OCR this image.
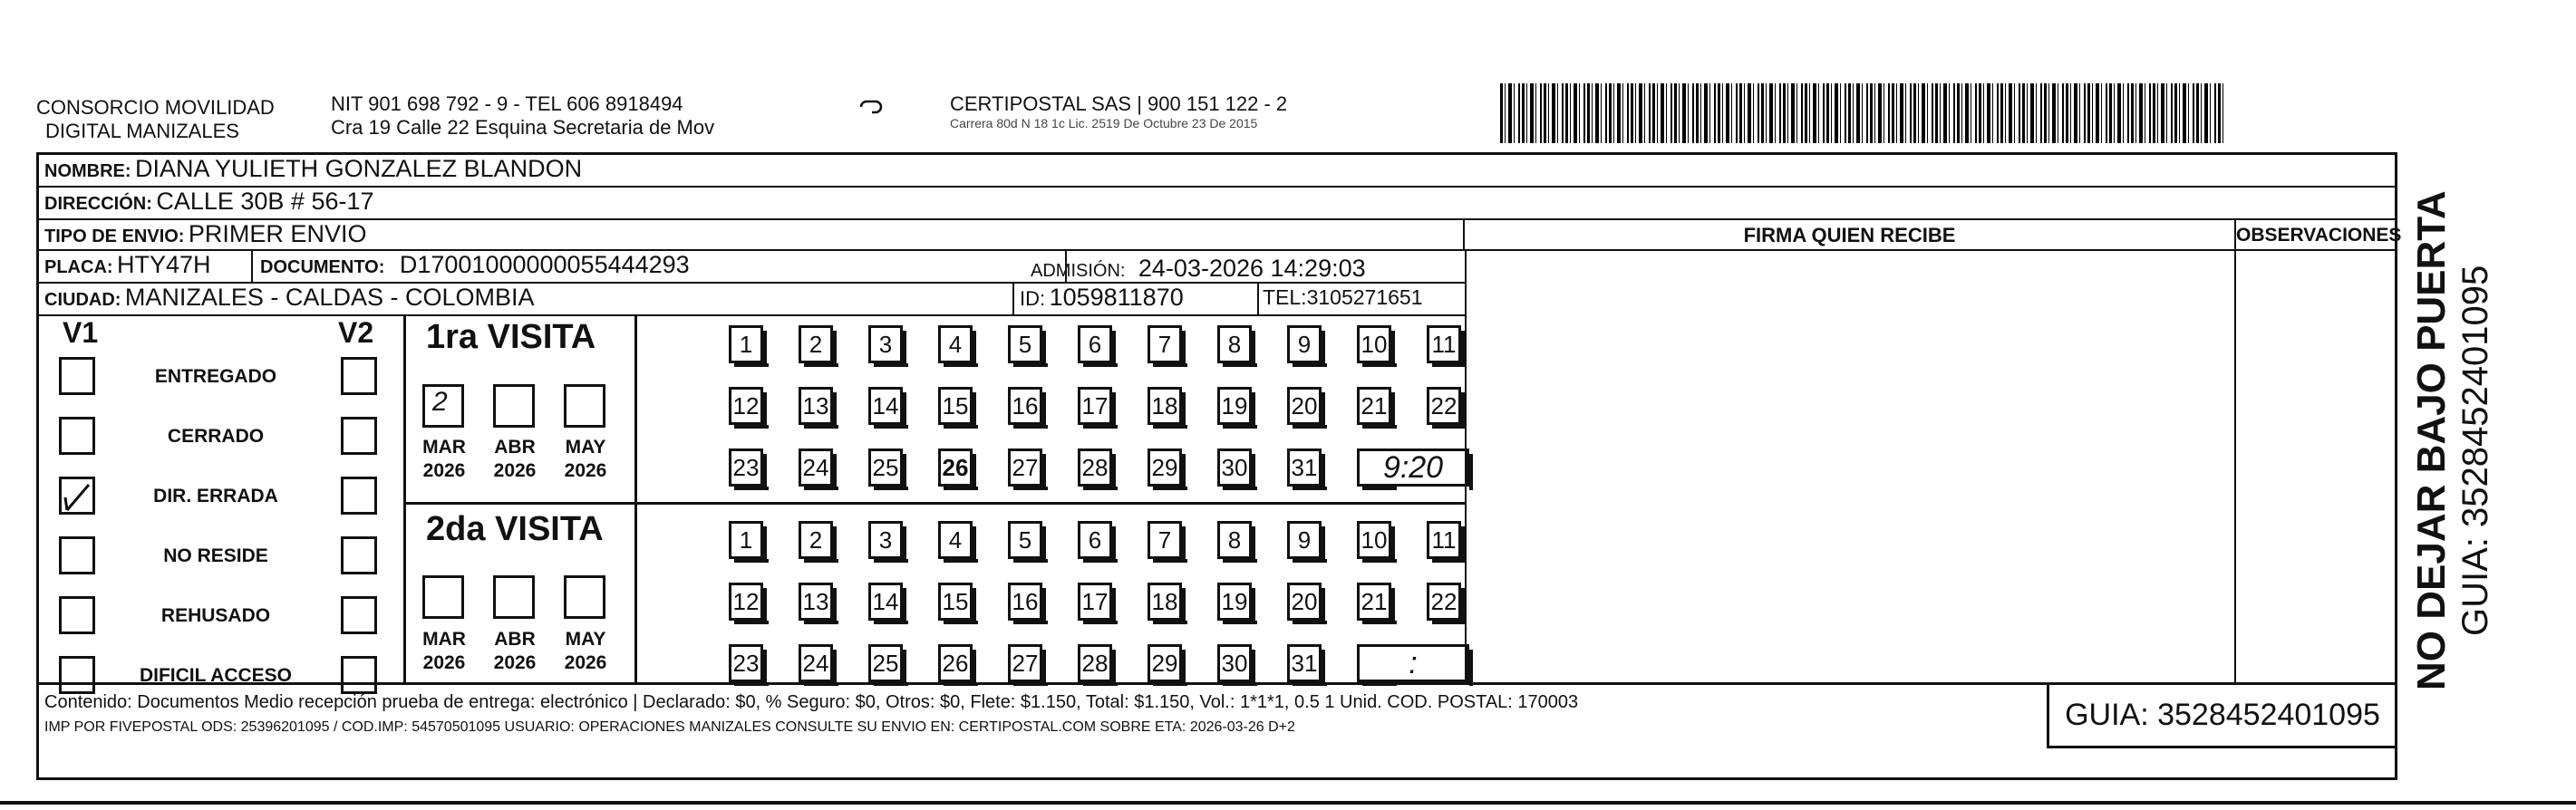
CONSORCIO MOVILIDAD
DIGITAL MANIZALES
NIT 901 698 792 - 9 - TEL 606 8918494
Cra 19 Calle 22 Esquina Secretaria de Mov
CERTIPOSTAL SAS | 900 151 122 - 2
Carrera 80d N 18 1c Lic. 2519 De Octubre 23 De 2015
NOMBRE: DIANA YULIETH GONZALEZ BLANDON
DIRECCIÓN: CALLE 30B # 56-17
TIPO DE ENVIO: PRIMER ENVIO	FIRMA QUIEN RECIBE	OBSERVACIONES
PLACA: HTY47H	DOCUMENTO: D17001000000055444293	ADMISIÓN: 24-03-2026 14:29:03
CIUDAD: MANIZALES - CALDAS - COLOMBIA	ID: 1059811870	TEL:3105271651
V1	V2
ENTREGADO
CERRADO
DIR. ERRADA
NO RESIDE
REHUSADO
DIFICIL ACCESO
1ra VISITA
2
MAR
2026
ABR
2026
MAY
2026
1	2	3	4	5	6	7	8	9	10 11
12 13 14 15 16 17 18 19 20 21 22
23 24 25 26 27 28 29 30 31	9:20
2da VISITA
MAR
2026
ABR
2026
MAY
2026
1	2	3	4	5	6	7	8	9	10 11
12 13 14 15 16 17 18 19 20 21 22
23 24 25 26 27 28 29 30 31	:
Contenido: Documentos Medio recepción prueba de entrega: electrónico | Declarado: $0, % Seguro: $0, Otros: $0, Flete: $1.150, Total: $1.150, Vol.: 1*1*1, 0.5 1 Unid. COD. POSTAL: 170003
IMP POR FIVEPOSTAL ODS: 25396201095 / COD.IMP: 54570501095 USUARIO: OPERACIONES MANIZALES CONSULTE SU ENVIO EN: CERTIPOSTAL.COM SOBRE ETA: 2026-03-26 D+2	GUIA: 3528452401095
NO DEJAR BAJO PUERTA GUIA: 3528452401095
